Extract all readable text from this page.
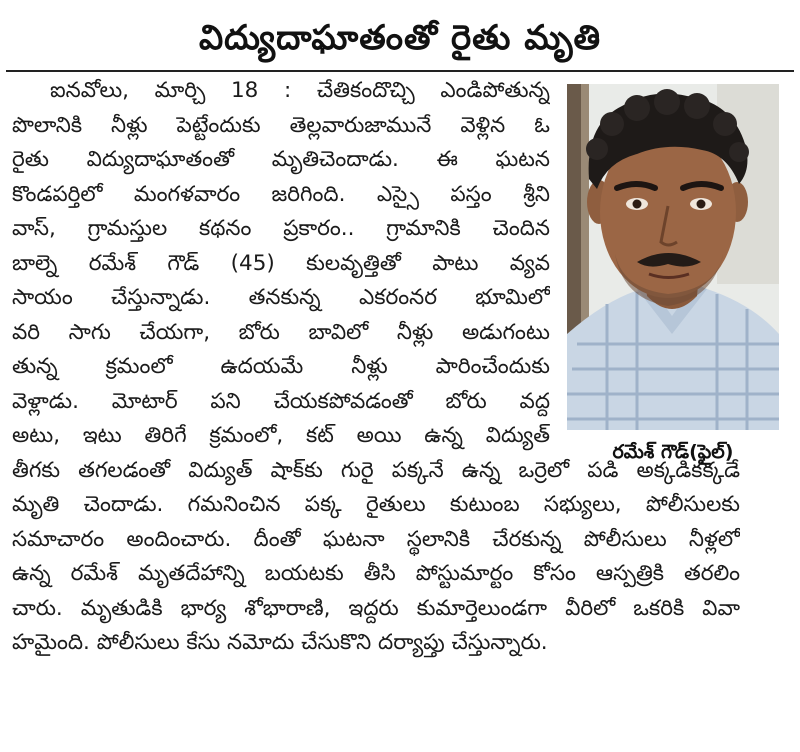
విద్యుదాఘాతంతో రైతు మృతి
ఐనవోలు, మార్చి 18 : చేతికందొచ్చి ఎండిపోతున్న
పొలానికి నీళ్లు పెట్టేందుకు తెల్లవారుజామునే వెళ్లిన ఓ
రైతు విద్యుదాఘాతంతో మృతిచెందాడు. ఈ ఘటన
కొండపర్తిలో మంగళవారం జరిగింది. ఎస్సై పస్తం శ్రీని
వాస్, గ్రామస్తుల కథనం ప్రకారం.. గ్రామానికి చెందిన
బాల్నె రమేశ్ గౌడ్ (45) కులవృత్తితో పాటు వ్యవ
సాయం చేస్తున్నాడు. తనకున్న ఎకరంనర భూమిలో
వరి సాగు చేయగా, బోరు బావిలో నీళ్లు అడుగంటు
తున్న క్రమంలో ఉదయమే నీళ్లు పారించేందుకు
వెళ్లాడు. మోటార్ పని చేయకపోవడంతో బోరు వద్ద
అటు, ఇటు తిరిగే క్రమంలో, కట్ అయి ఉన్న విద్యుత్
తీగకు తగలడంతో విద్యుత్ షాక్‌కు గురై పక్కనే ఉన్న ఒర్రెలో పడి అక్కడికక్కడే
మృతి చెందాడు. గమనించిన పక్క రైతులు కుటుంబ సభ్యులు, పోలీసులకు
సమాచారం అందించారు. దీంతో ఘటనా స్థలానికి చేరకున్న పోలీసులు నీళ్లలో
ఉన్న రమేశ్ మృతదేహాన్ని బయటకు తీసి పోస్టుమార్టం కోసం ఆస్పత్రికి తరలిం
చారు. మృతుడికి భార్య శోభారాణి, ఇద్దరు కుమార్తెలుండగా వీరిలో ఒకరికి వివా
హమైంది. పోలీసులు కేసు నమోదు చేసుకొని దర్యాప్తు చేస్తున్నారు.
రమేశ్ గౌడ్(ఫైల్)
